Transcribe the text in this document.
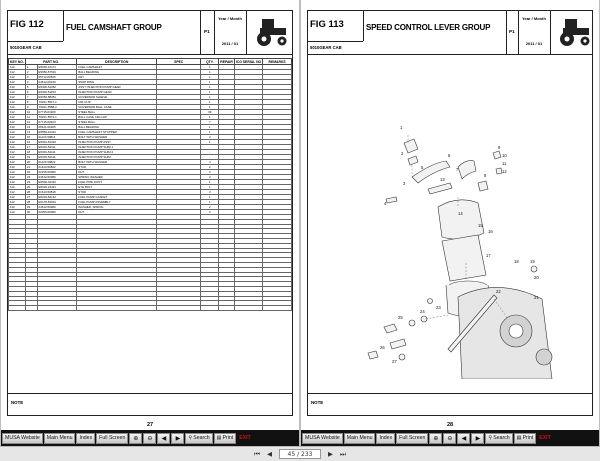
FIG 112	FUEL CAMSHAFT GROUP	P1
Year / Month
2011 / 01
5010GEAR CAB
KEY NO.	PART NO.		DESCRIPTION	SPEC	QTY.	REPAIR	ICG SERIAL NO	REMARKS
112	1	E5600-16171	FUEL CAMSHAFT		1			
112	2	E5650-57531	BALL BEARING		1			
112	3	05712-00525	KEY		1			
112	4	04612-00240	SNAP RING		1			
112	5	E5300-51052	ASS'Y INJECTION PUMP GEAR		1			
112	6	E5300-51153	INJECTION PUMP GEAR		1			
112	7	E6050-88451	GOVERNOR SLEEVE		1			
112	8	T6221-5547-1	CIR-CLIP		1			
112	9	T6221-5588-2	GOVERNOR BALL CASE		1			
112	10	07715-03200	STEEL BALL		39			
112	11	T6221-5574-1	BALL CASE CIR-CLIP		1			
112	12	07715-00403	STEEL BALL		7			
112	13	08121-06305	BALL BEARING		1			
112	14	E5850-16321	FUEL CAMSHAFT STOPPER		1			
112	15	01123-50814	BOLT WITH WASHER		2			
112	16	E5301-51010	INJECTION PUMP ASSY		1			
112	17	E5301-52111	INJECTION PUMP SHIM 1		-			
112	18	E5301-52111	INJECTION PUMP SHIM 2		-			
112	19	E5303-52111	INJECTION PUMP SHIM		-			
112	20	01123-50822	BOLT WITH WASHER		4			
112	21	01613-50822	STUD		2			
112	22	02156-50080	NUT		2			
112	23	04612-50080	SPRING WASHER		2			
112	24	E6500-42412	FUEL PIPE JOINT		1			
112	25	E6626-24421	EYE BOLT		1			
112	26	01613-50818	STUD		3			
112	27	E6203-52142	FUEL PUMP GASKET		1			
112	28	E6178-52001	FUEL PUMP ASSEMBLY		1			
112	29	04512-50080	WASHER, SPRING		2			
112	30	02056-50080	NUT		2			

NOTE
27
FIG 113	SPEED CONTROL LEVER GROUP	P1
Year / Month
2011 / 01
5010GEAR CAB
1
2
3
4
5
6
7
8
9
10
11
12
13
14
15
16
17
18	19
20
21
22
23
24
25
26
27
NOTE
28
MUSA Website	Main Menu	Index	Full Screen	⊕	⊖	◀	▶	⚲ Search ▤ Print	EXIT	MUSA Website	Main Menu	Index	Full Screen	⊕	⊖	◀	▶	⚲ Search ▤ Print	EXIT
⏮ ◀	45 / 233	▶ ⏭
